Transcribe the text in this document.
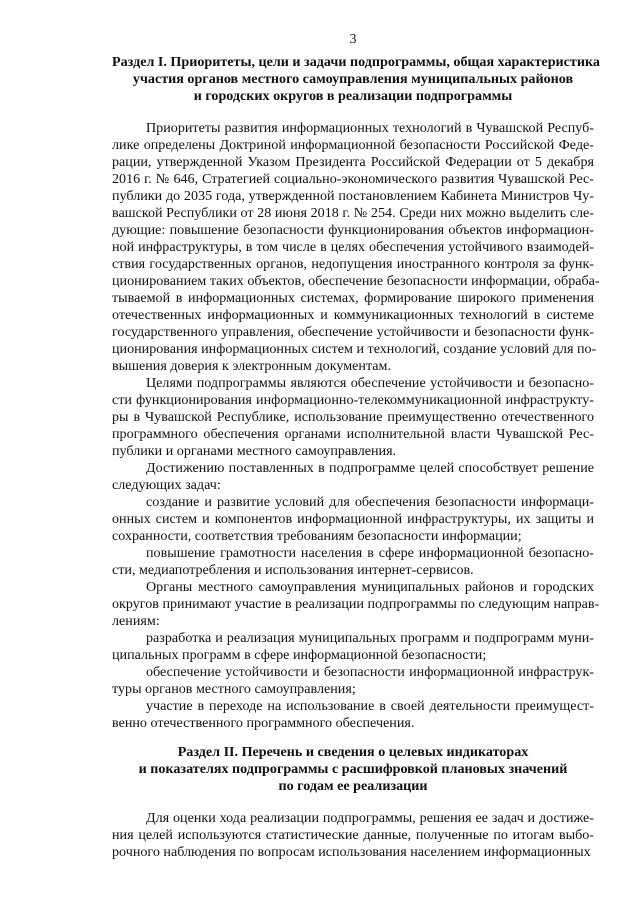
3
Раздел I. Приоритеты, цели и задачи подпрограммы, общая характеристика
участия органов местного самоуправления муниципальных районов
и городских округов в реализации подпрограммы
Приоритеты развития информационных технологий в Чувашской Респуб-
лике определены Доктриной информационной безопасности Российской Феде-
рации, утвержденной Указом Президента Российской Федерации от 5 декабря
2016 г. № 646, Стратегией социально-экономического развития Чувашской Рес-
публики до 2035 года, утвержденной постановлением Кабинета Министров Чу-
вашской Республики от 28 июня 2018 г. № 254. Среди них можно выделить сле-
дующие: повышение безопасности функционирования объектов информацион-
ной инфраструктуры, в том числе в целях обеспечения устойчивого взаимодей-
ствия государственных органов, недопущения иностранного контроля за функ-
ционированием таких объектов, обеспечение безопасности информации, обраба-
тываемой в информационных системах, формирование широкого применения
отечественных информационных и коммуникационных технологий в системе
государственного управления, обеспечение устойчивости и безопасности функ-
ционирования информационных систем и технологий, создание условий для по-
вышения доверия к электронным документам.
Целями подпрограммы являются обеспечение устойчивости и безопасно-
сти функционирования информационно-телекоммуникационной инфраструкту-
ры в Чувашской Республике, использование преимущественно отечественного
программного обеспечения органами исполнительной власти Чувашской Рес-
публики и органами местного самоуправления.
Достижению поставленных в подпрограмме целей способствует решение
следующих задач:
создание и развитие условий для обеспечения безопасности информаци-
онных систем и компонентов информационной инфраструктуры, их защиты и
сохранности, соответствия требованиям безопасности информации;
повышение грамотности населения в сфере информационной безопасно-
сти, медиапотребления и использования интернет-сервисов.
Органы местного самоуправления муниципальных районов и городских
округов принимают участие в реализации подпрограммы по следующим направ-
лениям:
разработка и реализация муниципальных программ и подпрограмм муни-
ципальных программ в сфере информационной безопасности;
обеспечение устойчивости и безопасности информационной инфраструк-
туры органов местного самоуправления;
участие в переходе на использование в своей деятельности преимущест-
венно отечественного программного обеспечения.
Раздел II. Перечень и сведения о целевых индикаторах
и показателях подпрограммы с расшифровкой плановых значений
по годам ее реализации
Для оценки хода реализации подпрограммы, решения ее задач и достиже-
ния целей используются статистические данные, полученные по итогам выбо-
рочного наблюдения по вопросам использования населением информационных
